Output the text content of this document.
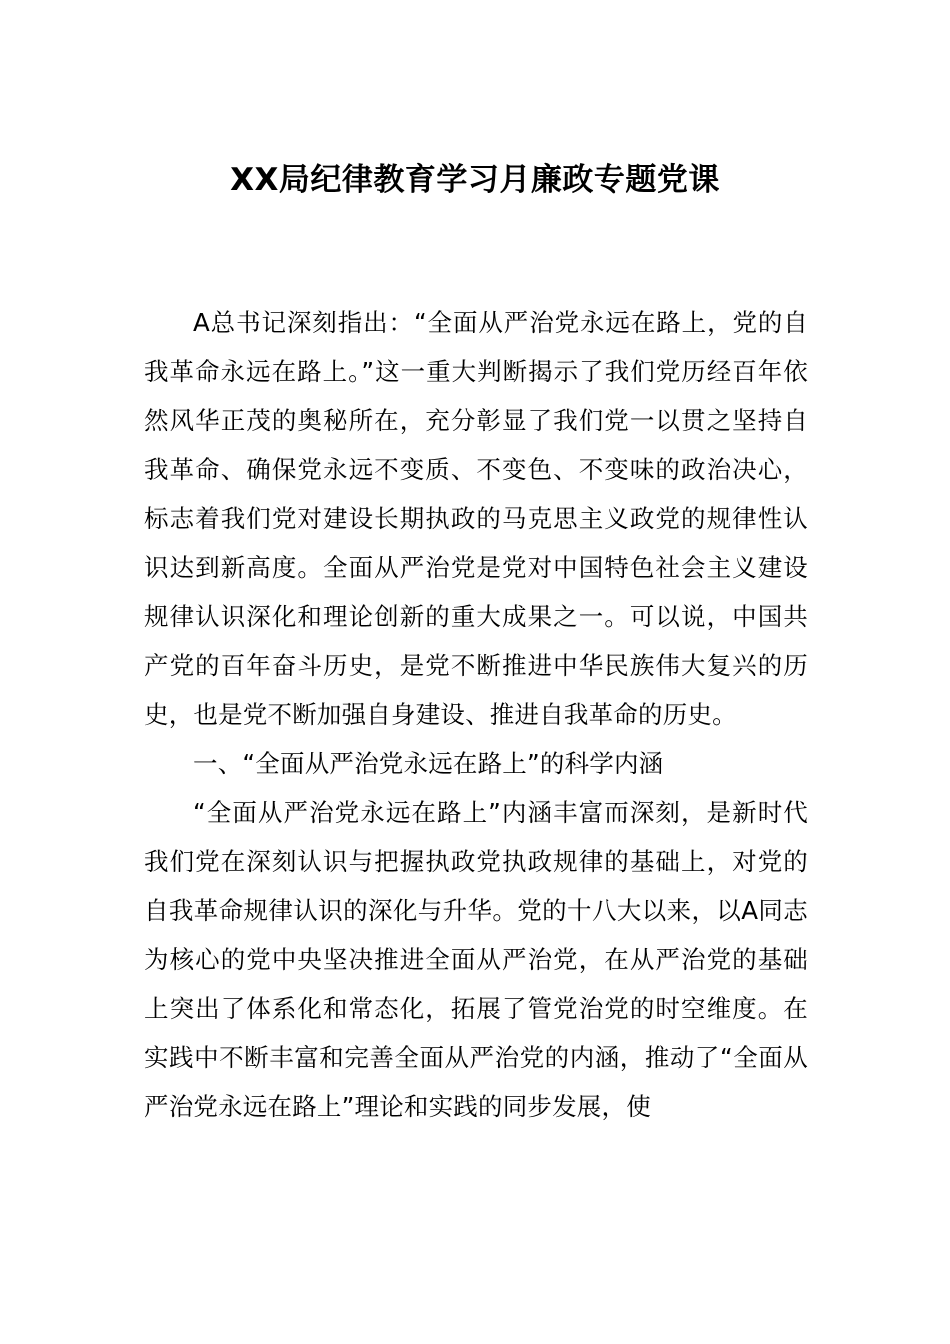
XX局纪律教育学习月廉政专题党课

A总书记深刻指出：“全面从严治党永远在路上，党的自我革命永远在路上。”这一重大判断揭示了我们党历经百年依然风华正茂的奥秘所在，充分彰显了我们党一以贯之坚持自我革命、确保党永远不变质、不变色、不变味的政治决心，标志着我们党对建设长期执政的马克思主义政党的规律性认识达到新高度。全面从严治党是党对中国特色社会主义建设规律认识深化和理论创新的重大成果之一。可以说，中国共产党的百年奋斗历史，是党不断推进中华民族伟大复兴的历史，也是党不断加强自身建设、推进自我革命的历史。

一、“全面从严治党永远在路上”的科学内涵

“全面从严治党永远在路上”内涵丰富而深刻，是新时代我们党在深刻认识与把握执政党执政规律的基础上，对党的自我革命规律认识的深化与升华。党的十八大以来，以A同志为核心的党中央坚决推进全面从严治党，在从严治党的基础上突出了体系化和常态化，拓展了管党治党的时空维度。在实践中不断丰富和完善全面从严治党的内涵，推动了“全面从严治党永远在路上”理论和实践的同步发展，使
